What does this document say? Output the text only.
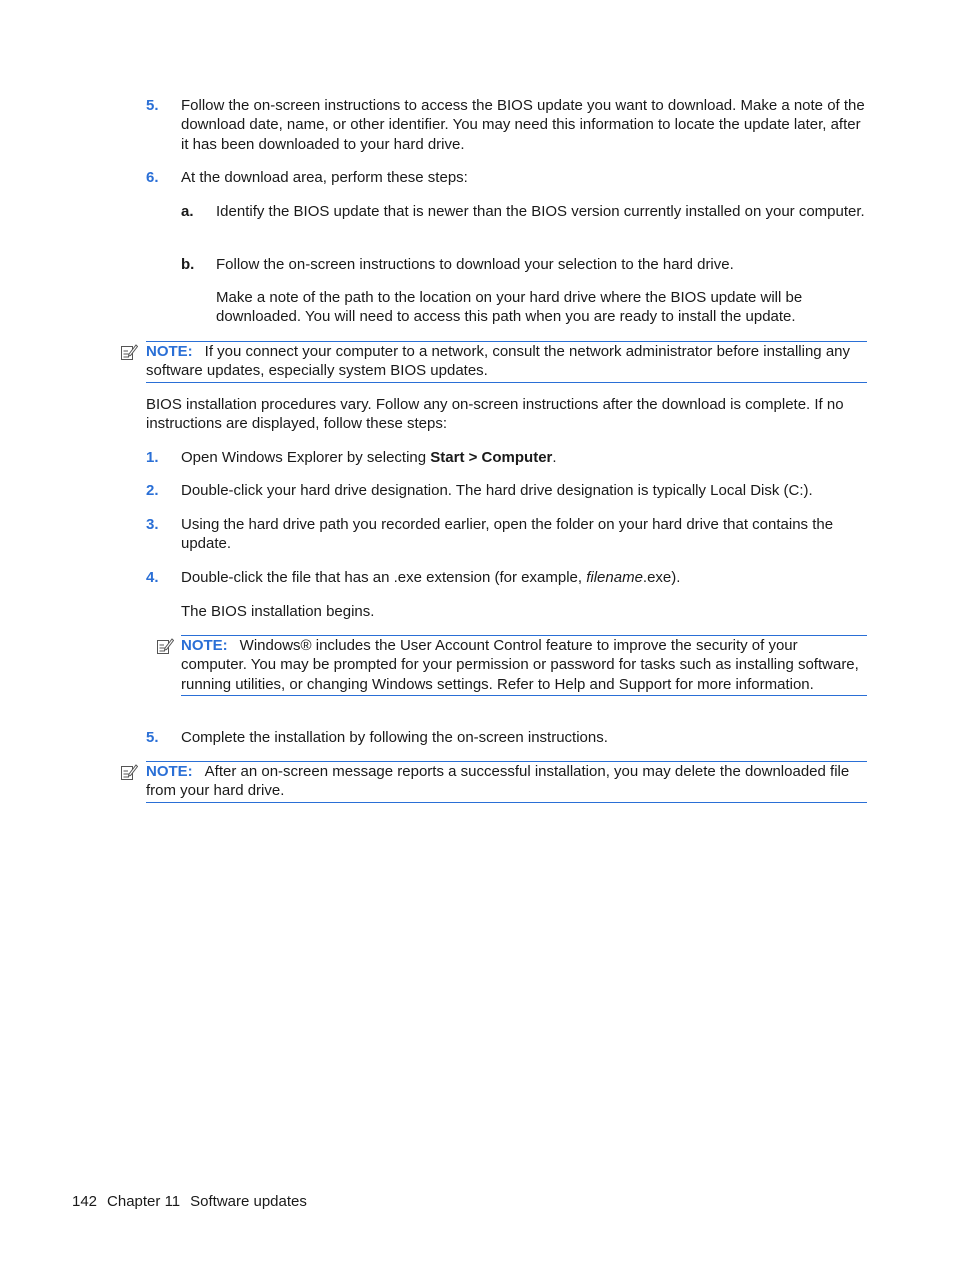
5. Follow the on-screen instructions to access the BIOS update you want to download. Make a note of the download date, name, or other identifier. You may need this information to locate the update later, after it has been downloaded to your hard drive.
6. At the download area, perform these steps:
a. Identify the BIOS update that is newer than the BIOS version currently installed on your computer.
b. Follow the on-screen instructions to download your selection to the hard drive.
Make a note of the path to the location on your hard drive where the BIOS update will be downloaded. You will need to access this path when you are ready to install the update.
NOTE: If you connect your computer to a network, consult the network administrator before installing any software updates, especially system BIOS updates.
BIOS installation procedures vary. Follow any on-screen instructions after the download is complete. If no instructions are displayed, follow these steps:
1. Open Windows Explorer by selecting Start > Computer.
2. Double-click your hard drive designation. The hard drive designation is typically Local Disk (C:).
3. Using the hard drive path you recorded earlier, open the folder on your hard drive that contains the update.
4. Double-click the file that has an .exe extension (for example, filename.exe).
The BIOS installation begins.
NOTE: Windows® includes the User Account Control feature to improve the security of your computer. You may be prompted for your permission or password for tasks such as installing software, running utilities, or changing Windows settings. Refer to Help and Support for more information.
5. Complete the installation by following the on-screen instructions.
NOTE: After an on-screen message reports a successful installation, you may delete the downloaded file from your hard drive.
142 Chapter 11 Software updates
